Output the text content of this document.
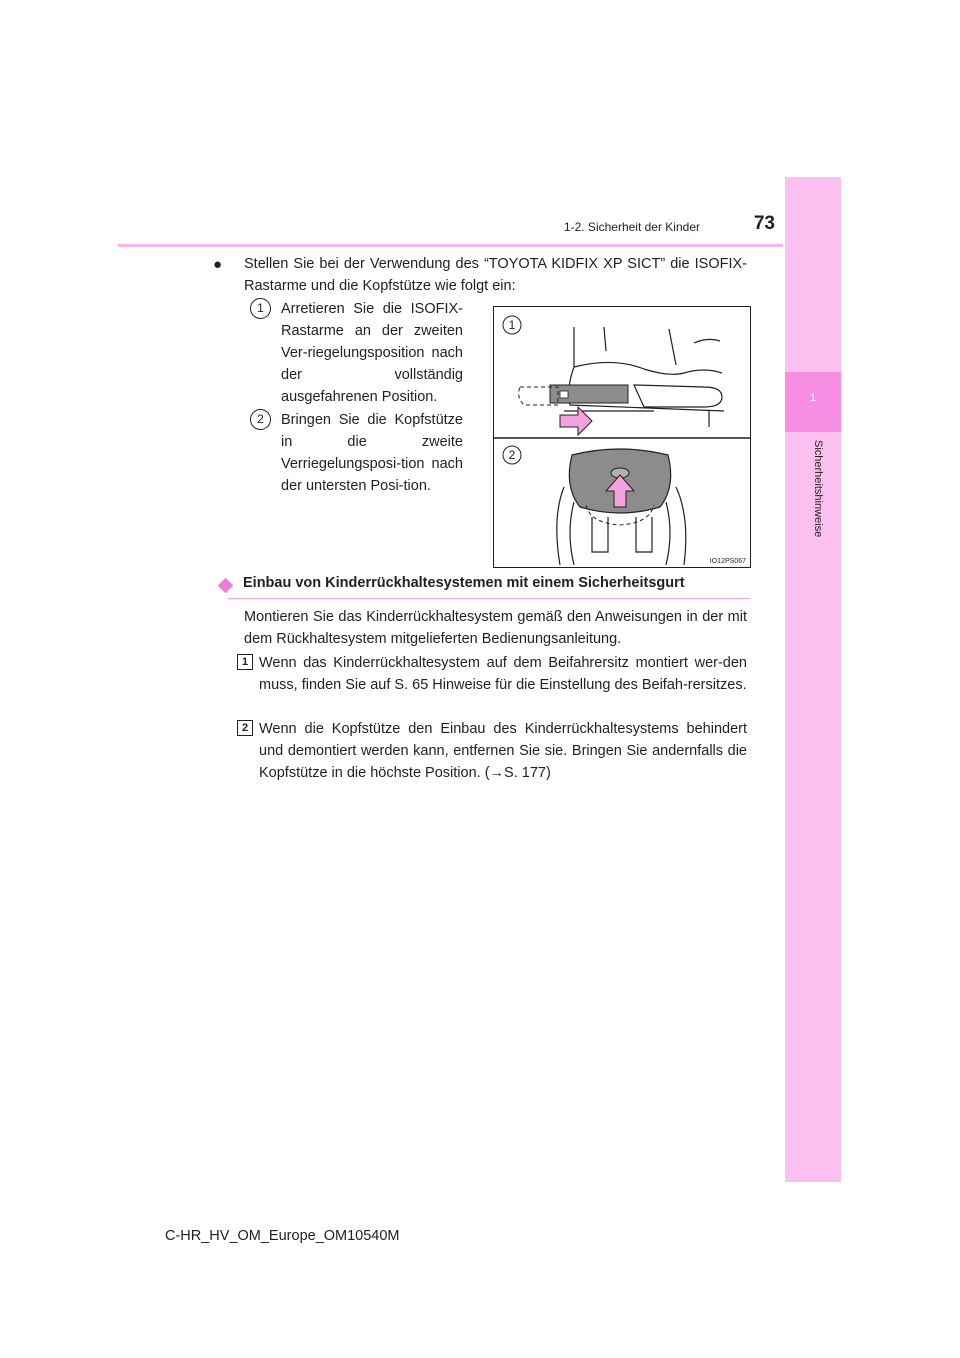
1
Sicherheitshinweise
1-2. Sicherheit der Kinder	73
● Stellen Sie bei der Verwendung des “TOYOTA KIDFIX XP SICT” die ISOFIX-Rastarme und die Kopfstütze wie folgt ein:
1	Arretieren Sie die ISOFIX-Rastarme an der zweiten Ver-riegelungsposition nach der vollständig ausgefahrenen Position.
2	Bringen Sie die Kopfstütze in die zweite Verriegelungsposi-tion nach der untersten Posi-tion.
1
2
IO12PS067
Einbau von Kinderrückhaltesystemen mit einem Sicherheitsgurt
Montieren Sie das Kinderrückhaltesystem gemäß den Anweisungen in der mit dem Rückhaltesystem mitgelieferten Bedienungsanleitung.
1 Wenn das Kinderrückhaltesystem auf dem Beifahrersitz montiert wer-den muss, finden Sie auf S. 65 Hinweise für die Einstellung des Beifah-rersitzes.
2 Wenn die Kopfstütze den Einbau des Kinderrückhaltesystems behindert und demontiert werden kann, entfernen Sie sie. Bringen Sie andernfalls die Kopfstütze in die höchste Position. (→S. 177)
C-HR_HV_OM_Europe_OM10540M
